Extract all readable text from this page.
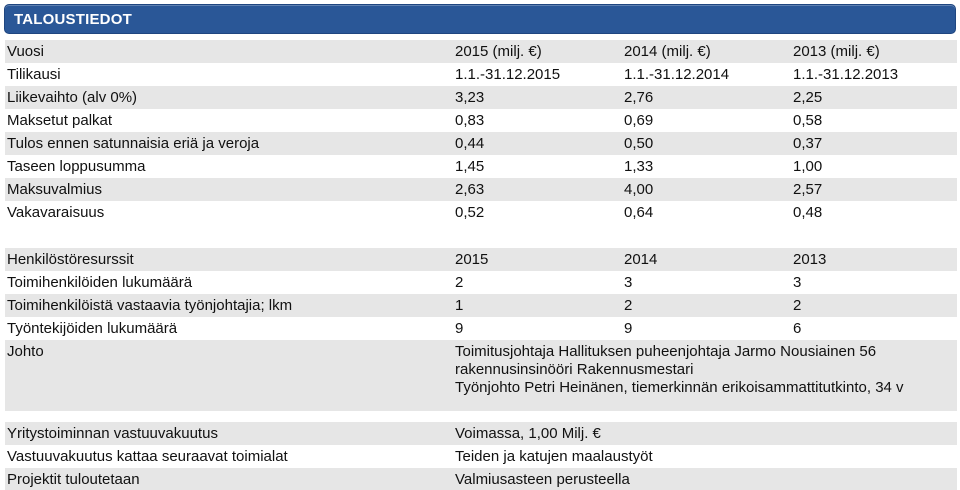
TALOUSTIEDOT
Vuosi	2015 (milj. €)	2014 (milj. €)	2013 (milj. €)
Tilikausi	1.1.-31.12.2015	1.1.-31.12.2014	1.1.-31.12.2013
Liikevaihto (alv 0%)	3,23	2,76	2,25
Maksetut palkat	0,83	0,69	0,58
Tulos ennen satunnaisia eriä ja veroja	0,44	0,50	0,37
Taseen loppusumma	1,45	1,33	1,00
Maksuvalmius	2,63	4,00	2,57
Vakavaraisuus	0,52	0,64	0,48
Henkilöstöresurssit	2015	2014	2013
Toimihenkilöiden lukumäärä	2	3	3
Toimihenkilöistä vastaavia työnjohtajia; lkm	1	2	2
Työntekijöiden lukumäärä	9	9	6
Johto	Toimitusjohtaja Hallituksen puheenjohtaja Jarmo Nousiainen 56
rakennusinsinööri Rakennusmestari
Työnjohto Petri Heinänen, tiemerkinnän erikoisammattitutkinto, 34 v
Yritystoiminnan vastuuvakuutus	Voimassa, 1,00 Milj. €
Vastuuvakuutus kattaa seuraavat toimialat	Teiden ja katujen maalaustyöt
Projektit tuloutetaan	Valmiusasteen perusteella
